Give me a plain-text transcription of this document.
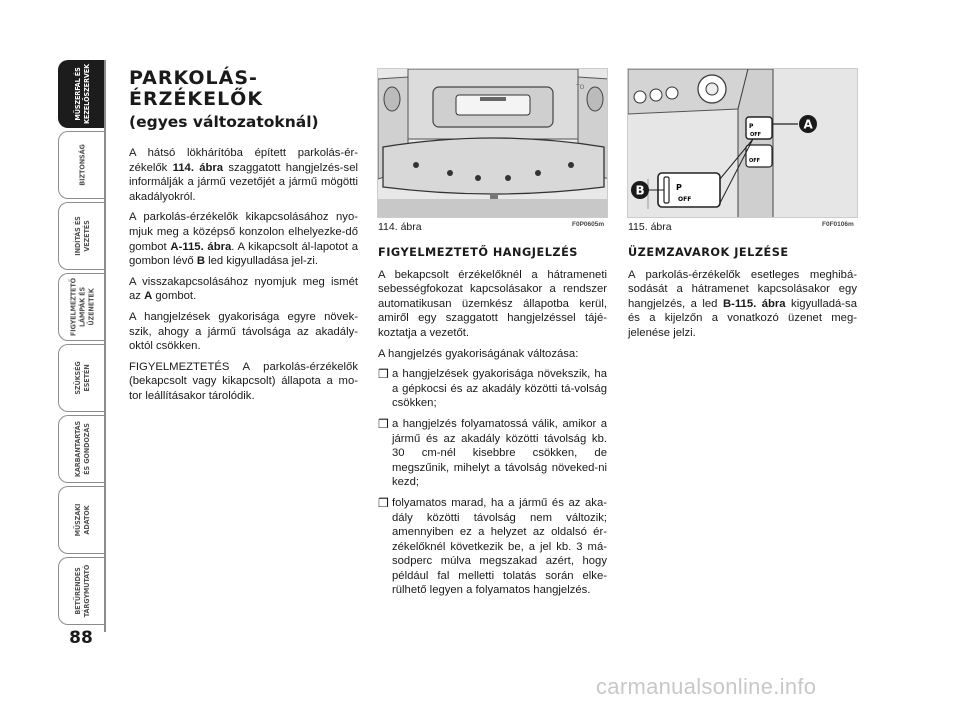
MŰSZERFAL ÉS
KEZELŐSZERVEK
BIZTONSÁG
INDÍTÁS ÉS
VEZETÉS
FIGYELMEZTETŐ
LÁMPÁK ÉS
ÜZENETEK
SZÜKSÉG
ESETÉN
KARBANTARTÁS
ÉS GONDOZÁS
MŰSZAKI
ADATOK
BETŰRENDES
TÁRGYMUTATÓ
88
PARKOLÁS-
ÉRZÉKELŐK
(egyes változatoknál)

A hátsó lökhárítóba épített parkolás-ér-zékelők 114. ábra szaggatott hangjelzés-sel informálják a jármű vezetőjét a jármű mögötti akadályokról.

A parkolás-érzékelők kikapcsolásához nyo-mjuk meg a középső konzolon elhelyezke-dő gombot A-115. ábra. A kikapcsolt ál-lapotot a gombon lévő B led kigyulladása jel-zi.

A visszakapcsolásához nyomjuk meg ismét az A gombot.

A hangjelzések gyakorisága egyre növek-szik, ahogy a jármű távolsága az akadály-októl csökken.

FIGYELMEZTETÉS A parkolás-érzékelők (bekapcsolt vagy kikapcsolt) állapota a mo-tor leállításakor tárolódik.

TO
114. ábra	F0P0605m
P
OFF
OFF
A
P
OFF
B
115. ábra	F0F0106m
FIGYELMEZTETŐ HANGJELZÉS

A bekapcsolt érzékelőknél a hátrameneti sebességfokozat kapcsolásakor a rendszer automatikusan üzemkész állapotba kerül, amiről egy szaggatott hangjelzéssel tájé-koztatja a vezetőt.

A hangjelzés gyakoriságának változása:

❒ a hangjelzések gyakorisága növekszik, ha a gépkocsi és az akadály közötti tá-volság csökken;
❒ a hangjelzés folyamatossá válik, amikor a jármű és az akadály közötti távolság kb. 30 cm-nél kisebbre csökken, de megszűnik, mihelyt a távolság növeked-ni kezd;
❒ folyamatos marad, ha a jármű és az aka-dály közötti távolság nem változik; amennyiben ez a helyzet az oldalsó ér-zékelőknél következik be, a jel kb. 3 má-sodperc múlva megszakad azért, hogy például fal melletti tolatás során elke-rülhető legyen a folyamatos hangjelzés.
ÜZEMZAVAROK JELZÉSE

A parkolás-érzékelők esetleges meghibá-sodását a hátramenet kapcsolásakor egy hangjelzés, a led B-115. ábra kigyulladá-sa és a kijelzőn a vonatkozó üzenet meg-jelenése jelzi.

carmanualsonline.info
